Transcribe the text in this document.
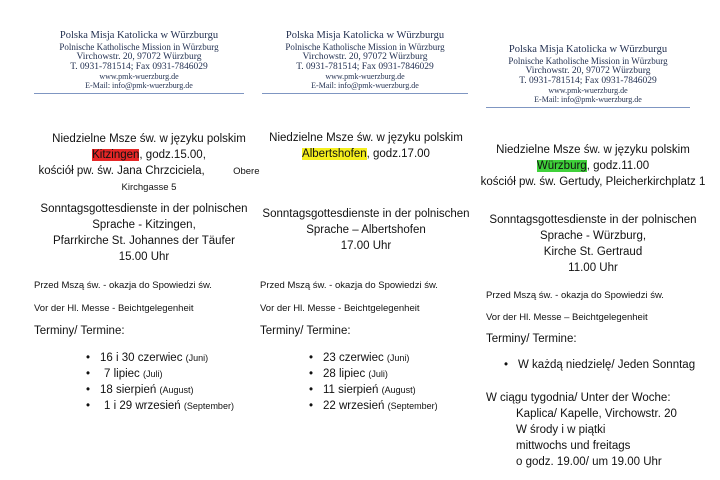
Polska Misja Katolicka w Würzburgu
Polnische Katholische Mission in Würzburg
Virchowstr. 20, 97072 Würzburg
T. 0931-781514; Fax 0931-7846029
www.pmk-wuerzburg.de
E-Mail: info@pmk-wuerzburg.de
Niedzielne Msze św. w języku polskim
Kitzingen, godz.15.00,
kościół pw. św. Jana Chrzciciela,	Obere
Kirchgasse 5
Sonntagsgottesdienste in der polnischen
Sprache - Kitzingen,
Pfarrkirche St. Johannes der Täufer
15.00 Uhr
Przed Mszą św. - okazja do Spowiedzi św.
Vor der Hl. Messe - Beichtgelegenheit
Terminy/ Termine:
• 16 i 30 czerwiec (Juni)
• 7 lipiec (Juli)
• 18 sierpień (August)
• 1 i 29 wrzesień (September)
Polska Misja Katolicka w Würzburgu
Polnische Katholische Mission in Würzburg
Virchowstr. 20, 97072 Würzburg
T. 0931-781514; Fax 0931-7846029
www.pmk-wuerzburg.de
E-Mail: info@pmk-wuerzburg.de
Niedzielne Msze św. w języku polskim
Albertshofen, godz.17.00
Sonntagsgottesdienste in der polnischen
Sprache – Albertshofen
17.00 Uhr
Przed Mszą św. - okazja do Spowiedzi św.
Vor der Hl. Messe - Beichtgelegenheit
Terminy/ Termine:
• 23 czerwiec (Juni)
• 28 lipiec (Juli)
• 11 sierpień (August)
• 22 wrzesień (September)
Polska Misja Katolicka w Würzburgu
Polnische Katholische Mission in Würzburg
Virchowstr. 20, 97072 Würzburg
T. 0931-781514; Fax 0931-7846029
www.pmk-wuerzburg.de
E-Mail: info@pmk-wuerzburg.de
Niedzielne Msze św. w języku polskim
Würzburg, godz.11.00
kościół pw. św. Gertudy, Pleicherkirchplatz 1
Sonntagsgottesdienste in der polnischen
Sprache - Würzburg,
Kirche St. Gertraud
11.00 Uhr
Przed Mszą św. - okazja do Spowiedzi św.
Vor der Hl. Messe – Beichtgelegenheit
Terminy/ Termine:
• W każdą niedzielę/ Jeden Sonntag
W ciągu tygodnia/ Unter der Woche:
Kaplica/ Kapelle, Virchowstr. 20
W środy i w piątki
mittwochs und freitags
o godz. 19.00/ um 19.00 Uhr
